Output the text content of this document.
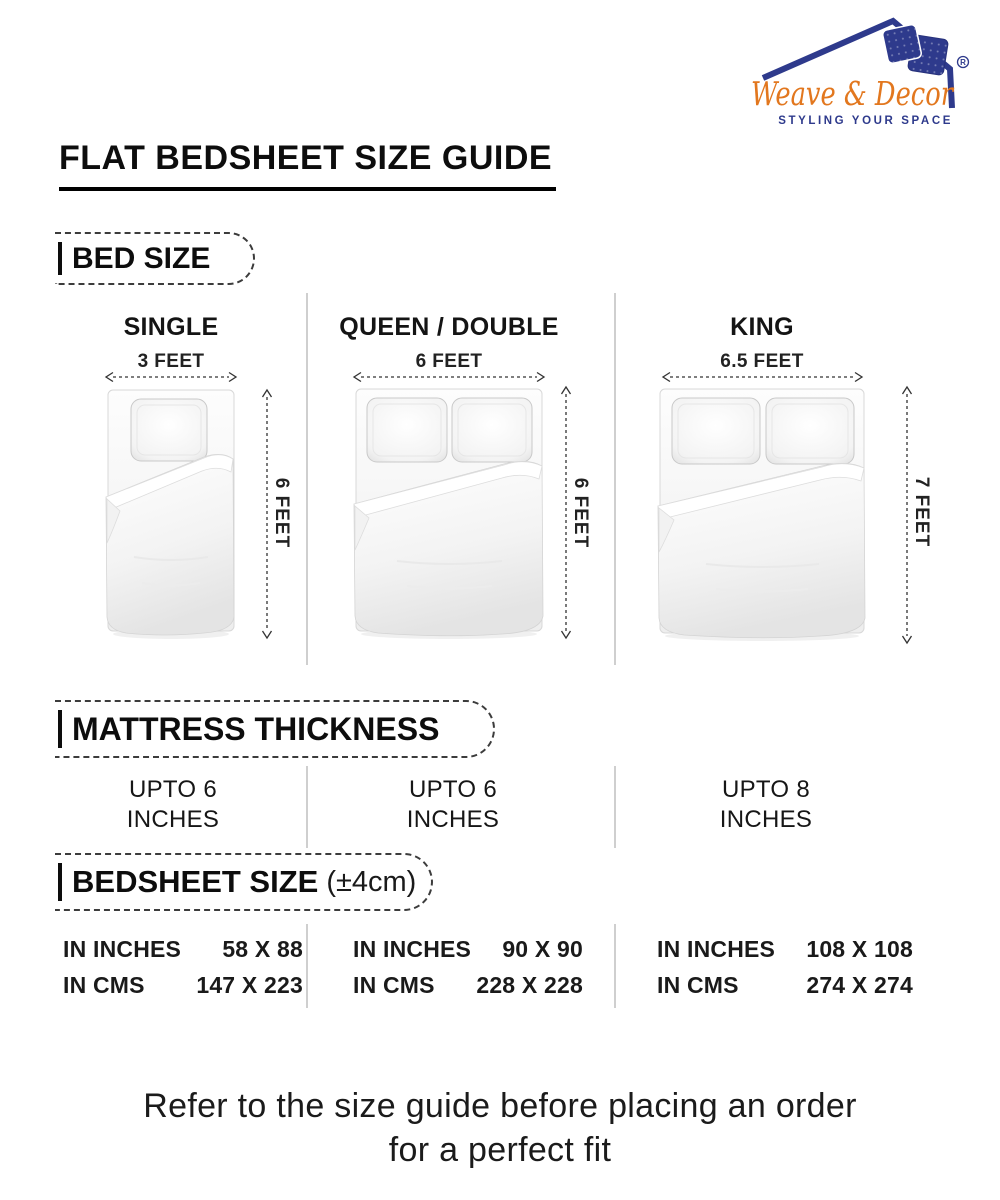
R
Weave & Decor
STYLING YOUR SPACE
FLAT BEDSHEET SIZE GUIDE
BED SIZE
SINGLE
3 FEET
6 FEET
QUEEN / DOUBLE
6 FEET
6 FEET
KING
6.5 FEET
7 FEET
MATTRESS THICKNESS
UPTO 6
INCHES
UPTO 6
INCHES
UPTO 8
INCHES
BEDSHEET SIZE (±4cm)
IN INCHES 58 X 88
IN CMS 147 X 223
IN INCHES 90 X 90
IN CMS 228 X 228
IN INCHES 108 X 108
IN CMS	274 X 274
Refer to the size guide before placing an order
for a perfect fit
